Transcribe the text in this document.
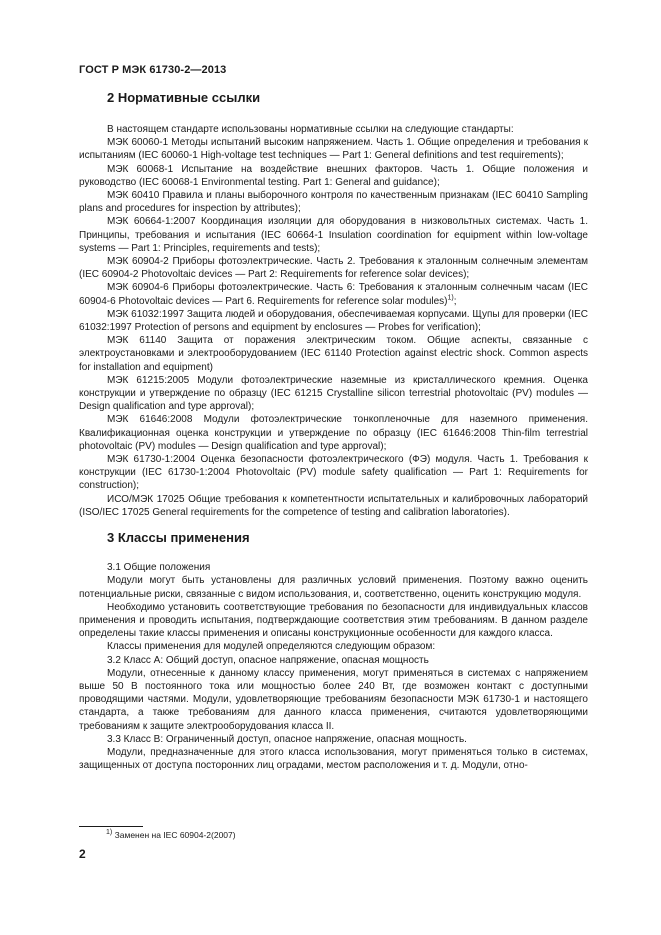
ГОСТ Р МЭК 61730-2—2013
2 Нормативные ссылки

В настоящем стандарте использованы нормативные ссылки на следующие стандарты:

МЭК 60060-1 Методы испытаний высоким напряжением. Часть 1. Общие определения и требования к испытаниям (IEC 60060-1 High-voltage test techniques — Part 1: General definitions and test requirements);

МЭК 60068-1 Испытание на воздействие внешних факторов. Часть 1. Общие положения и руководство (IEC 60068-1 Environmental testing. Part 1: General and guidance);

МЭК 60410 Правила и планы выборочного контроля по качественным признакам (IEC 60410 Sampling plans and procedures for inspection by attributes);

МЭК 60664-1:2007 Координация изоляции для оборудования в низковольтных системах. Часть 1. Принципы, требования и испытания (IEC 60664-1 Insulation coordination for equipment within low-voltage systems — Part 1: Principles, requirements and tests);

МЭК 60904-2 Приборы фотоэлектрические. Часть 2. Требования к эталонным солнечным элементам (IEC 60904-2 Photovoltaic devices — Part 2: Requirements for reference solar devices);

МЭК 60904-6 Приборы фотоэлектрические. Часть 6: Требования к эталонным солнечным часам (IEC 60904-6 Photovoltaic devices — Part 6. Requirements for reference solar modules)$^{1)}$;

МЭК 61032:1997 Защита людей и оборудования, обеспечиваемая корпусами. Щупы для проверки (IEC 61032:1997 Protection of persons and equipment by enclosures — Probes for verification);

МЭК 61140 Защита от поражения электрическим током. Общие аспекты, связанные с электроустановками и электрооборудованием (IEC 61140 Protection against electric shock. Common aspects for installation and equipment)

МЭК 61215:2005 Модули фотоэлектрические наземные из кристаллического кремния. Оценка конструкции и утверждение по образцу (IEC 61215 Crystalline silicon terrestrial photovoltaic (PV) modules — Design qualification and type approval);

МЭК 61646:2008 Модули фотоэлектрические тонкопленочные для наземного применения. Квалификационная оценка конструкции и утверждение по образцу (IEC 61646:2008 Thin-film terrestrial photovoltaic (PV) modules — Design qualification and type approval);

МЭК 61730-1:2004 Оценка безопасности фотоэлектрического (ФЭ) модуля. Часть 1. Требования к конструкции (IEC 61730-1:2004 Photovoltaic (PV) module safety qualification — Part 1: Requirements for construction);

ИСО/МЭК 17025 Общие требования к компетентности испытательных и калибровочных лабораторий (ISO/IEC 17025 General requirements for the competence of testing and calibration laboratories).

3 Классы применения

3.1 Общие положения

Модули могут быть установлены для различных условий применения. Поэтому важно оценить потенциальные риски, связанные с видом использования, и, соответственно, оценить конструкцию модуля.

Необходимо установить соответствующие требования по безопасности для индивидуальных классов применения и проводить испытания, подтверждающие соответствия этим требованиям. В данном разделе определены такие классы применения и описаны конструкционные особенности для каждого класса.

Классы применения для модулей определяются следующим образом:

3.2 Класс А: Общий доступ, опасное напряжение, опасная мощность

Модули, отнесенные к данному классу применения, могут применяться в системах с напряжением выше 50 В постоянного тока или мощностью более 240 Вт, где возможен контакт с доступными проводящими частями. Модули, удовлетворяющие требованиям безопасности МЭК 61730-1 и настоящего стандарта, а также требованиям для данного класса применения, считаются удовлетворяющими требованиям к защите электрооборудования класса II.

3.3 Класс В: Ограниченный доступ, опасное напряжение, опасная мощность.

Модули, предназначенные для этого класса использования, могут применяться только в системах, защищенных от доступа посторонних лиц оградами, местом расположения и т. д. Модули, отно-

$^{1)}$ Заменен на IEC 60904-2(2007)
2
